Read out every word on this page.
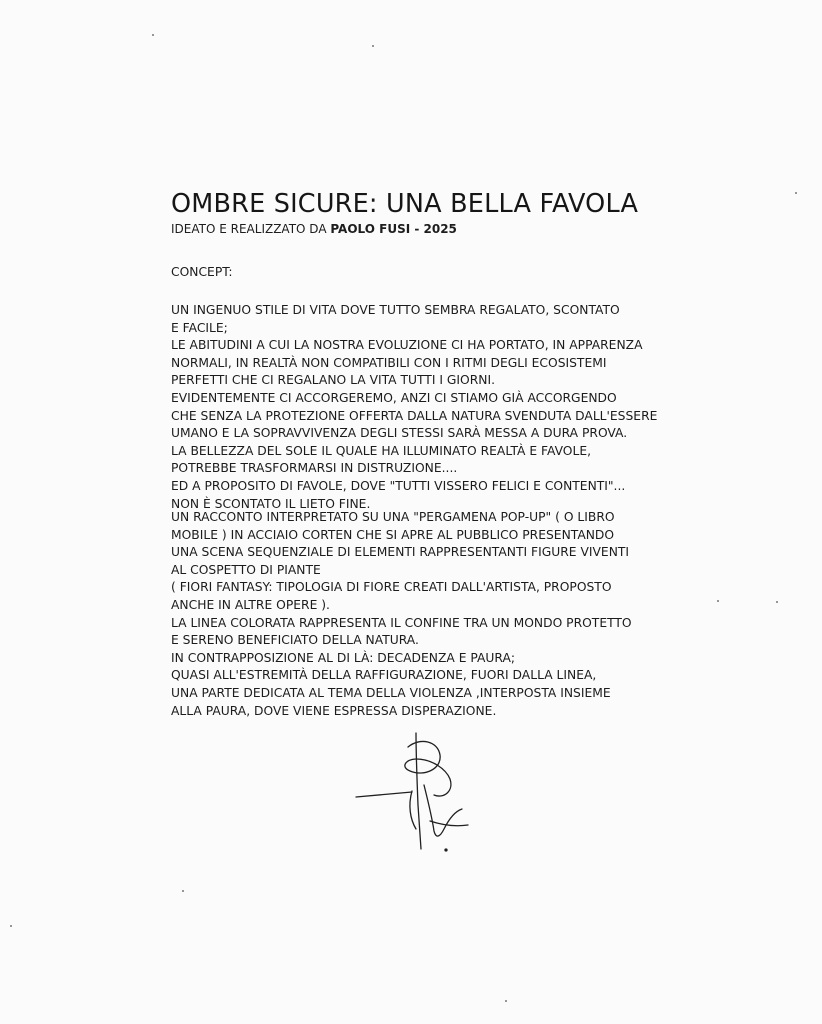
OMBRE SICURE: UNA BELLA FAVOLA
IDEATO E REALIZZATO DA PAOLO FUSI - 2025
CONCEPT:

UN INGENUO STILE DI VITA DOVE TUTTO SEMBRA REGALATO, SCONTATO
E FACILE;
LE ABITUDINI A CUI LA NOSTRA EVOLUZIONE CI HA PORTATO, IN APPARENZA
NORMALI, IN REALTÀ NON COMPATIBILI CON I RITMI DEGLI ECOSISTEMI
PERFETTI CHE CI REGALANO LA VITA TUTTI I GIORNI.
EVIDENTEMENTE CI ACCORGEREMO, ANZI CI STIAMO GIÀ ACCORGENDO
CHE SENZA LA PROTEZIONE OFFERTA DALLA NATURA SVENDUTA DALL'ESSERE
UMANO E LA SOPRAVVIVENZA DEGLI STESSI SARÀ MESSA A DURA PROVA.
LA BELLEZZA DEL SOLE IL QUALE HA ILLUMINATO REALTÀ E FAVOLE,
POTREBBE TRASFORMARSI IN DISTRUZIONE....
ED A PROPOSITO DI FAVOLE, DOVE "TUTTI VISSERO FELICI E CONTENTI"...
NON È SCONTATO IL LIETO FINE.

UN RACCONTO INTERPRETATO SU UNA "PERGAMENA POP-UP" ( O LIBRO
MOBILE ) IN ACCIAIO CORTEN CHE SI APRE AL PUBBLICO PRESENTANDO
UNA SCENA SEQUENZIALE DI ELEMENTI RAPPRESENTANTI FIGURE VIVENTI
AL COSPETTO DI PIANTE
( FIORI FANTASY: TIPOLOGIA DI FIORE CREATI DALL'ARTISTA, PROPOSTO
ANCHE IN ALTRE OPERE ).
LA LINEA COLORATA RAPPRESENTA IL CONFINE TRA UN MONDO PROTETTO
E SERENO BENEFICIATO DELLA NATURA.
IN CONTRAPPOSIZIONE AL DI LÀ: DECADENZA E PAURA;
QUASI ALL'ESTREMITÀ DELLA RAFFIGURAZIONE, FUORI DALLA LINEA,
UNA PARTE DEDICATA AL TEMA DELLA VIOLENZA ,INTERPOSTA INSIEME
ALLA PAURA, DOVE VIENE ESPRESSA DISPERAZIONE.
